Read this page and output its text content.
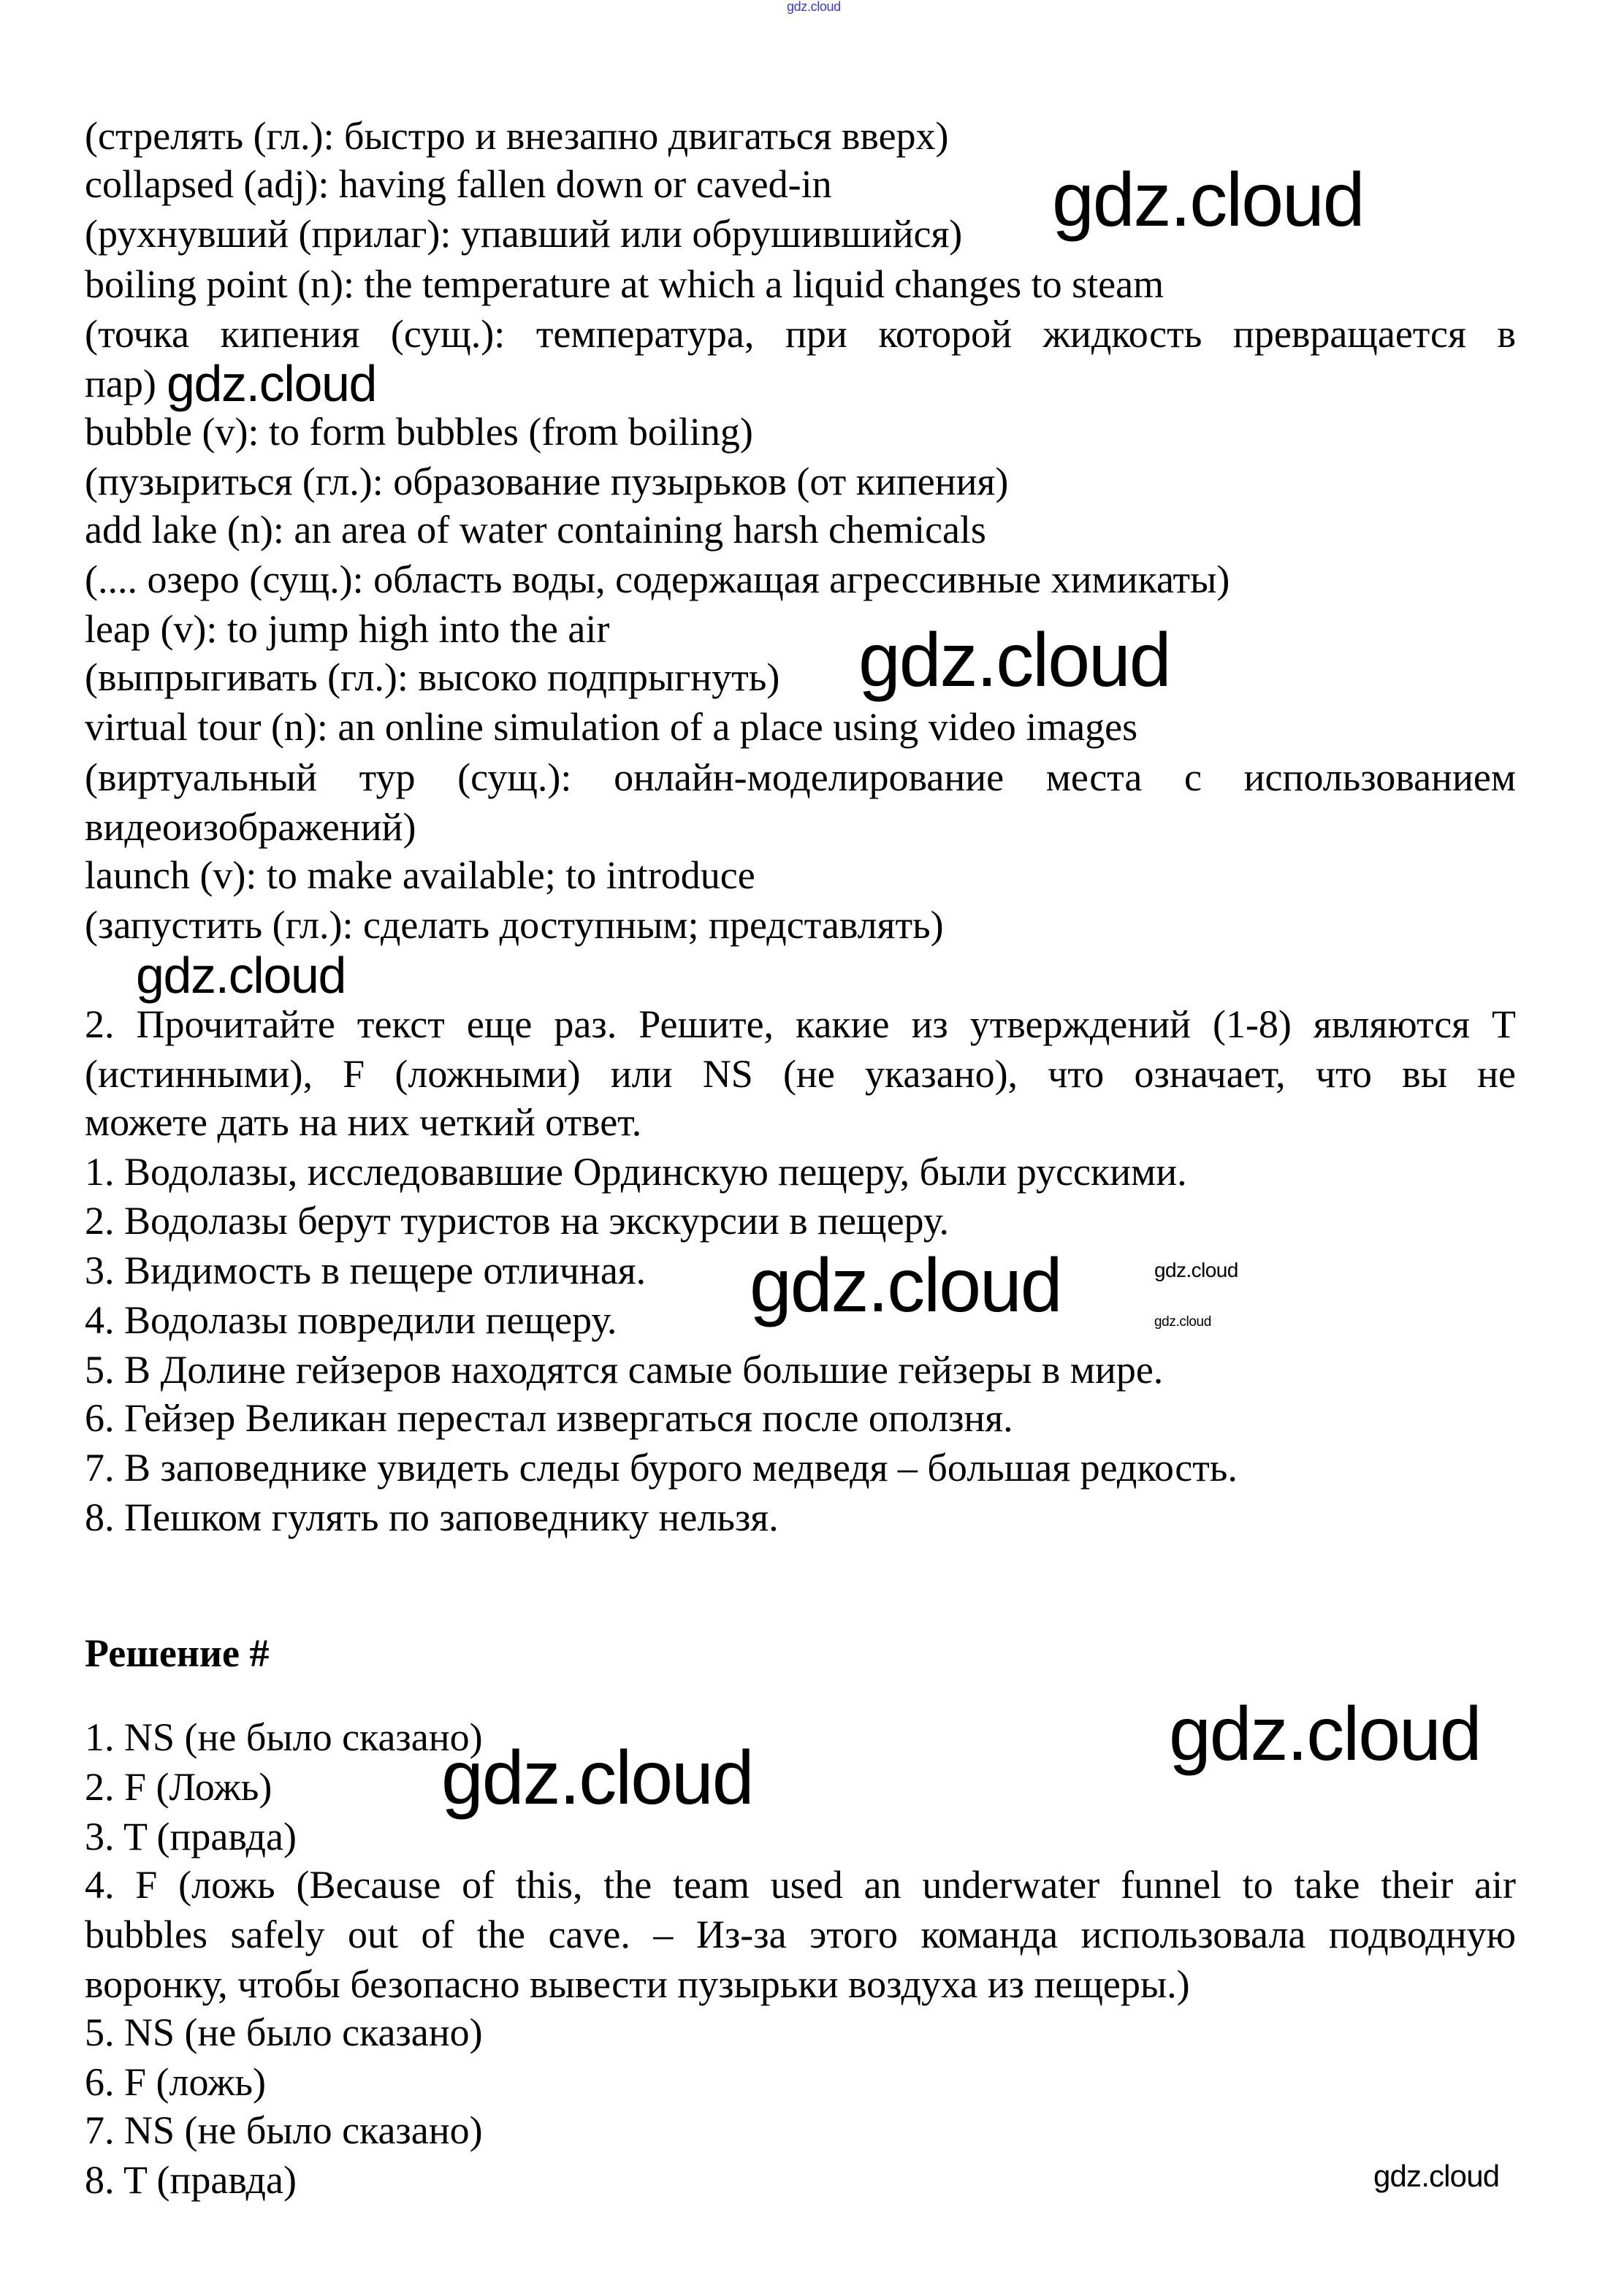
gdz.cloud
(стрелять (гл.): быстро и внезапно двигаться вверх)
collapsed (adj): having fallen down or caved-in
(рухнувший (прилаг): упавший или обрушившийся)
boiling point (n): the temperature at which a liquid changes to steam
(точка кипения (сущ.): температура, при которой жидкость превращается в
пар)
bubble (v): to form bubbles (from boiling)
(пузыриться (гл.): образование пузырьков (от кипения)
add lake (n): an area of water containing harsh chemicals
(.... озеро (сущ.): область воды, содержащая агрессивные химикаты)
leap (v): to jump high into the air
(выпрыгивать (гл.): высоко подпрыгнуть)
virtual tour (n): an online simulation of a place using video images
(виртуальный тур (сущ.): онлайн-моделирование места с использованием
видеоизображений)
launch (v): to make available; to introduce
(запустить (гл.): сделать доступным; представлять)
2. Прочитайте текст еще раз. Решите, какие из утверждений (1-8) являются T
(истинными), F (ложными) или NS (не указано), что означает, что вы не
можете дать на них четкий ответ.
1. Водолазы, исследовавшие Ординскую пещеру, были русскими.
2. Водолазы берут туристов на экскурсии в пещеру.
3. Видимость в пещере отличная.
4. Водолазы повредили пещеру.
5. В Долине гейзеров находятся самые большие гейзеры в мире.
6. Гейзер Великан перестал извергаться после оползня.
7. В заповеднике увидеть следы бурого медведя – большая редкость.
8. Пешком гулять по заповеднику нельзя.
Решение #
1. NS (не было сказано)
2. F (Ложь)
3. T (правда)
4. F (ложь (Because of this, the team used an underwater funnel to take their air
bubbles safely out of the cave. – Из-за этого команда использовала подводную
воронку, чтобы безопасно вывести пузырьки воздуха из пещеры.)
5. NS (не было сказано)
6. F (ложь)
7. NS (не было сказано)
8. T (правда)
gdz.cloud
gdz.cloud
gdz.cloud
gdz.cloud
gdz.cloud	gdz.cloud
gdz.cloud
gdz.cloud
gdz.cloud
gdz.cloud
